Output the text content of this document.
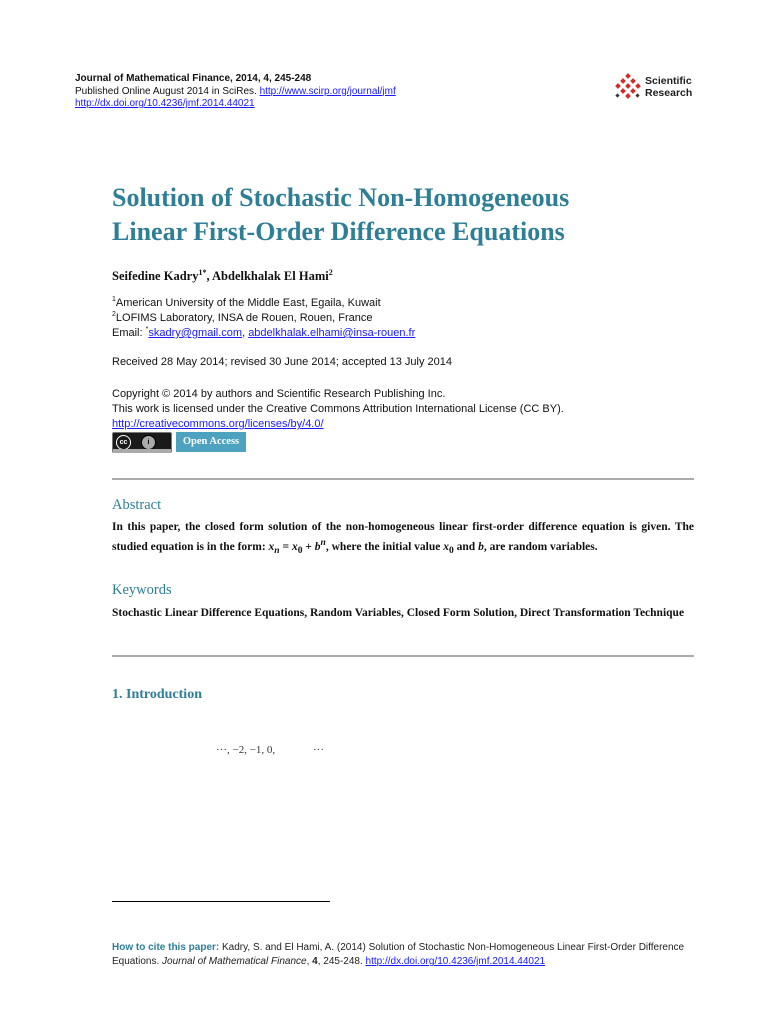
Journal of Mathematical Finance, 2014, 4, 245-248
Published Online August 2014 in SciRes. http://www.scirp.org/journal/jmf
http://dx.doi.org/10.4236/jmf.2014.44021
Scientific
Research
Solution of Stochastic Non-Homogeneous
Linear First-Order Difference Equations
Seifedine Kadry$^{1*}$, Abdelkhalak El Hami$^2$
$^1$American University of the Middle East, Egaila, Kuwait
$^2$LOFIMS Laboratory, INSA de Rouen, Rouen, France
Email: *skadry@gmail.com, abdelkhalak.elhami@insa-rouen.fr
Received 28 May 2014; revised 30 June 2014; accepted 13 July 2014
Copyright © 2014 by authors and Scientific Research Publishing Inc.
This work is licensed under the Creative Commons Attribution International License (CC BY).
http://creativecommons.org/licenses/by/4.0/
cc	i	Open Access
Abstract
In this paper, the closed form solution of the non-homogeneous linear first-order difference equation is given. The studied equation is in the form: $x_n = x_0 + b^n$, where the initial value $x_0$ and b, are random variables.
Keywords
Stochastic Linear Difference Equations, Random Variables, Closed Form Solution, Direct Transformation Technique
1. Introduction
···, −2, −1, 0,	···
How to cite this paper: Kadry, S. and El Hami, A. (2014) Solution of Stochastic Non-Homogeneous Linear First-Order Difference Equations. Journal of Mathematical Finance, 4, 245-248. http://dx.doi.org/10.4236/jmf.2014.44021
